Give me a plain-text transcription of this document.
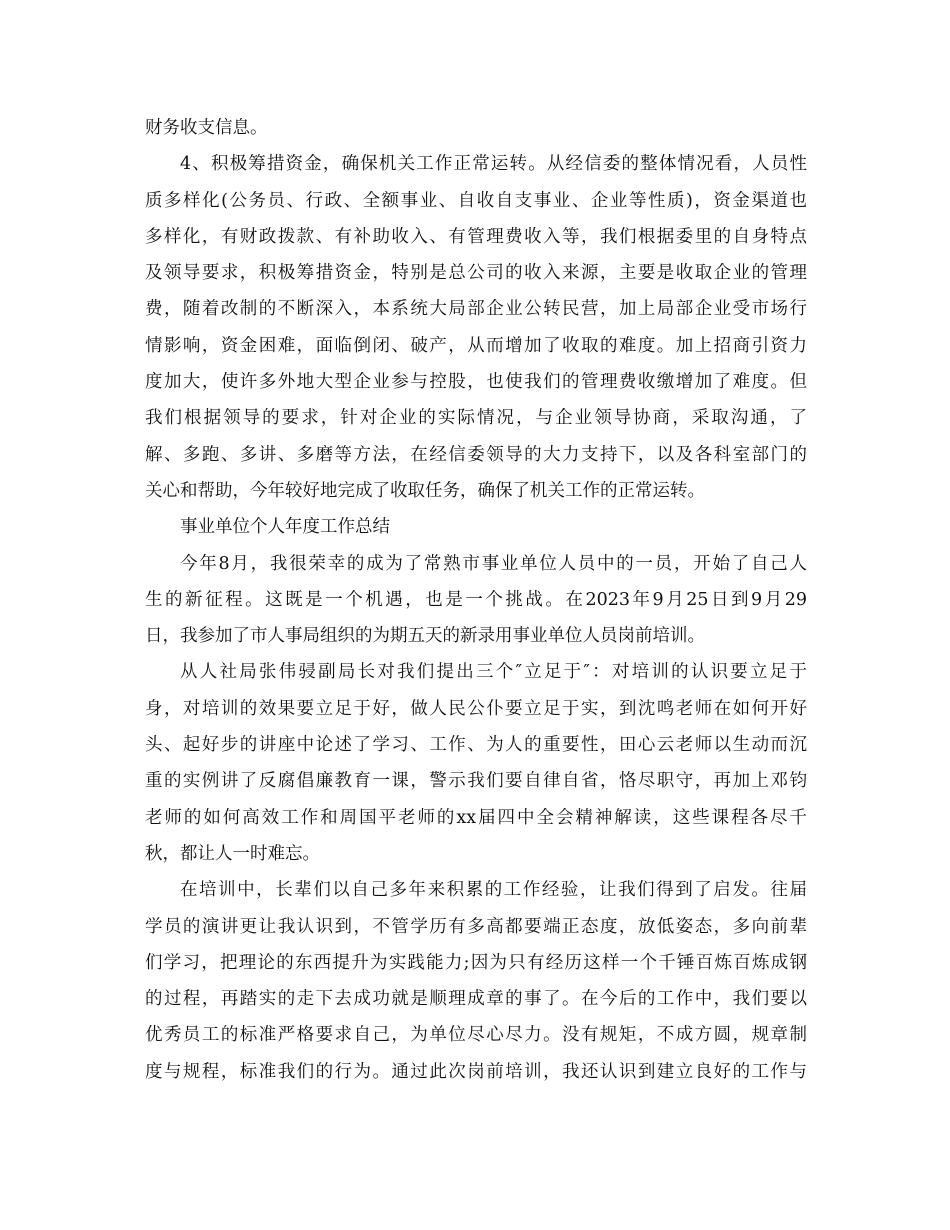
财务收支信息。
4、积极筹措资金，确保机关工作正常运转。从经信委的整体情况看，人员性
质多样化(公务员、行政、全额事业、自收自支事业、企业等性质)，资金渠道也
多样化，有财政拨款、有补助收入、有管理费收入等，我们根据委里的自身特点
及领导要求，积极筹措资金，特别是总公司的收入来源，主要是收取企业的管理
费，随着改制的不断深入，本系统大局部企业公转民营，加上局部企业受市场行
情影响，资金困难，面临倒闭、破产，从而增加了收取的难度。加上招商引资力
度加大，使许多外地大型企业参与控股，也使我们的管理费收缴增加了难度。但
我们根据领导的要求，针对企业的实际情况，与企业领导协商，采取沟通，了
解、多跑、多讲、多磨等方法，在经信委领导的大力支持下，以及各科室部门的
关心和帮助，今年较好地完成了收取任务，确保了机关工作的正常运转。
事业单位个人年度工作总结
今年8月，我很荣幸的成为了常熟市事业单位人员中的一员，开始了自己人
生的新征程。这既是一个机遇，也是一个挑战。在2023年9月25日到9月29
日，我参加了市人事局组织的为期五天的新录用事业单位人员岗前培训。
从人社局张伟骎副局长对我们提出三个″立足于″：对培训的认识要立足于
身，对培训的效果要立足于好，做人民公仆要立足于实，到沈鸣老师在如何开好
头、起好步的讲座中论述了学习、工作、为人的重要性，田心云老师以生动而沉
重的实例讲了反腐倡廉教育一课，警示我们要自律自省，恪尽职守，再加上邓钧
老师的如何高效工作和周国平老师的xx届四中全会精神解读，这些课程各尽千
秋，都让人一时难忘。
在培训中，长辈们以自己多年来积累的工作经验，让我们得到了启发。往届
学员的演讲更让我认识到，不管学历有多高都要端正态度，放低姿态，多向前辈
们学习，把理论的东西提升为实践能力;因为只有经历这样一个千锤百炼百炼成钢
的过程，再踏实的走下去成功就是顺理成章的事了。在今后的工作中，我们要以
优秀员工的标准严格要求自己，为单位尽心尽力。没有规矩，不成方圆，规章制
度与规程，标准我们的行为。通过此次岗前培训，我还认识到建立良好的工作与
